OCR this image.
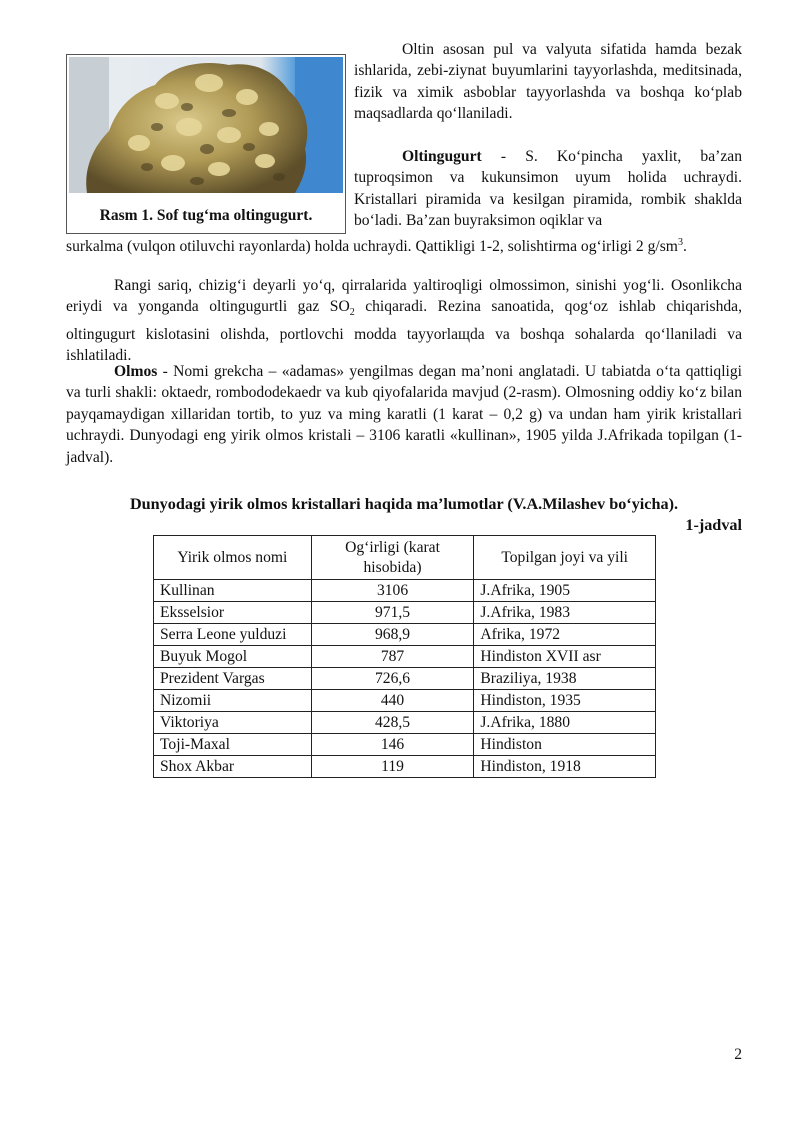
Rasm 1. Sof tug‘ma oltingugurt.

Oltin asosan pul va valyuta sifatida hamda bezak ishlarida, zebi-ziynat buyumlarini tayyorlashda, meditsinada, fizik va ximik asboblar tayyorlashda va boshqa ko‘plab maqsadlarda qo‘llaniladi.

Oltingugurt - S. Ko‘pincha yaxlit, ba’zan tuproqsimon va kukunsimon uyum holida uchraydi. Kristallari piramida va kesilgan piramida, rombik shaklda bo‘ladi. Ba’zan buyraksimon oqiklar va

surkalma (vulqon otiluvchi rayonlarda) holda uchraydi. Qattikligi 1-2, solishtirma og‘irligi 2 $g/sm^3$.

Rangi sariq, chizig‘i deyarli yo‘q, qirralarida yaltiroqligi olmossimon, sinishi yog‘li. Osonlikcha eriydi va yonganda oltingugurtli gaz $SO_2$ chiqaradi. Rezina sanoatida, qog‘oz ishlab chiqarishda, oltingugurt kislotasini olishda, portlovchi modda tayyorlaщda va boshqa sohalarda qo‘llaniladi va ishlatiladi.

Olmos - Nomi grekcha – «adamas» yengilmas degan ma’noni anglatadi. U tabiatda o‘ta qattiqligi va turli shakli: oktaedr, rombododekaedr va kub qiyofalarida mavjud (2-rasm). Olmosning oddiy ko‘z bilan payqamaydigan xillaridan tortib, to yuz va ming karatli (1 karat – 0,2 g) va undan ham yirik kristallari uchraydi. Dunyodagi eng yirik olmos kristali – 3106 karatli «kullinan», 1905 yilda J.Afrikada topilgan (1-jadval).

Dunyodagi yirik olmos kristallari haqida ma’lumotlar (V.A.Milashev bo‘yicha).
1-jadval
Yirik olmos nomi	Og‘irligi (karat hisobida)	Topilgan joyi va yili
Kullinan	3106	J.Afrika, 1905
Eksselsior	971,5	J.Afrika, 1983
Serra Leone yulduzi	968,9	Afrika, 1972
Buyuk Mogol	787	Hindiston XVII asr
Prezident Vargas	726,6	Braziliya, 1938
Nizomii	440	Hindiston, 1935
Viktoriya	428,5	J.Afrika, 1880
Toji-Maxal	146	Hindiston
Shox Akbar	119	Hindiston, 1918
2
